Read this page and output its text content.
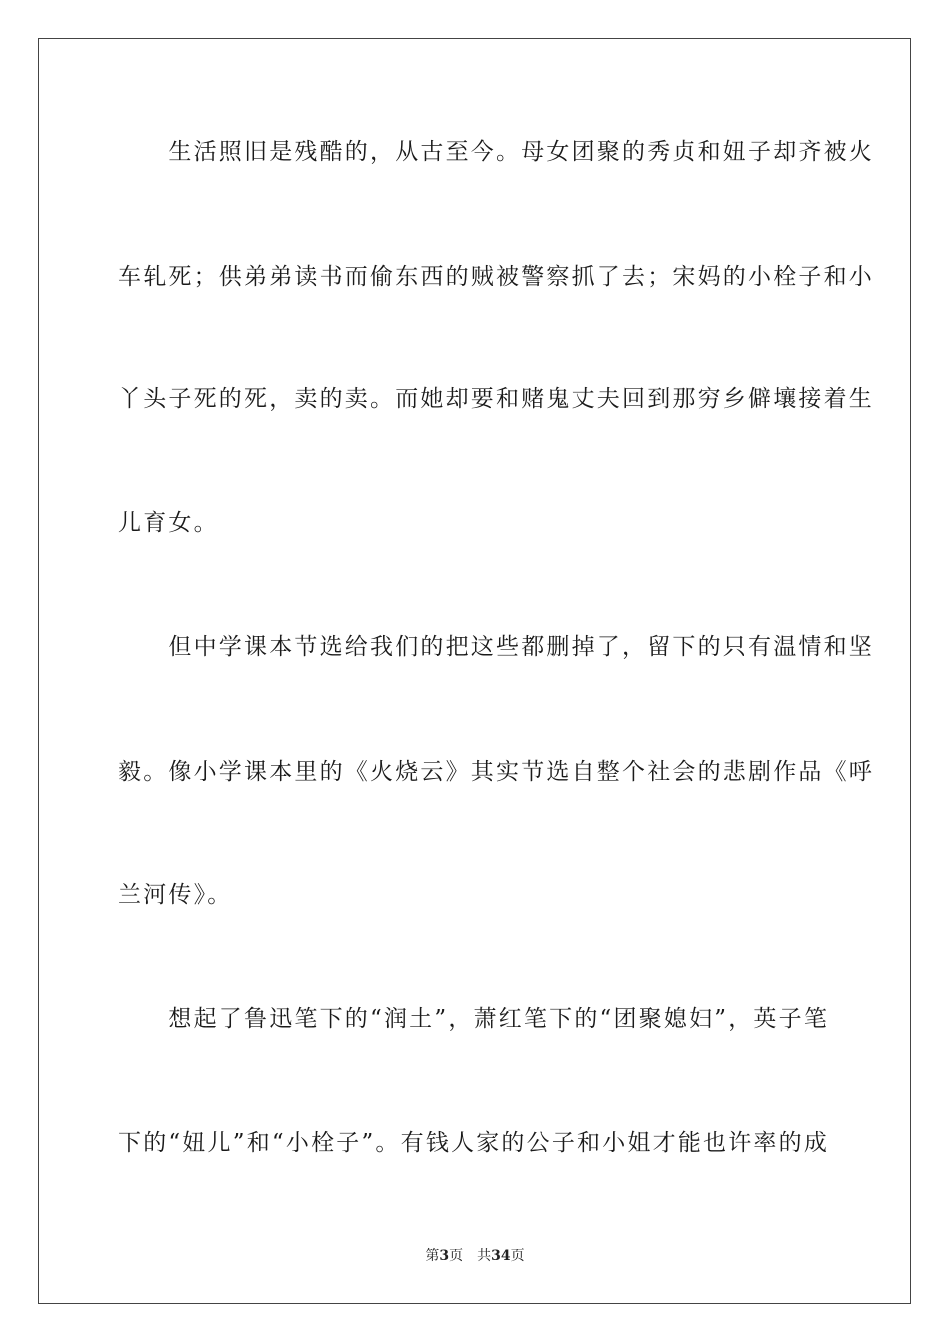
　　生活照旧是残酷的，从古至今。母女团聚的秀贞和妞子却齐被火
车轧死；供弟弟读书而偷东西的贼被警察抓了去；宋妈的小栓子和小
丫头子死的死，卖的卖。而她却要和赌鬼丈夫回到那穷乡僻壤接着生
儿育女。
　　但中学课本节选给我们的把这些都删掉了，留下的只有温情和坚
毅。像小学课本里的《火烧云》其实节选自整个社会的悲剧作品《呼
兰河传》。
　　想起了鲁迅笔下的“润土”，萧红笔下的“团聚媳妇”，英子笔
下的“妞儿”和“小栓子”。有钱人家的公子和小姐才能也许率的成
第3页 共34页
